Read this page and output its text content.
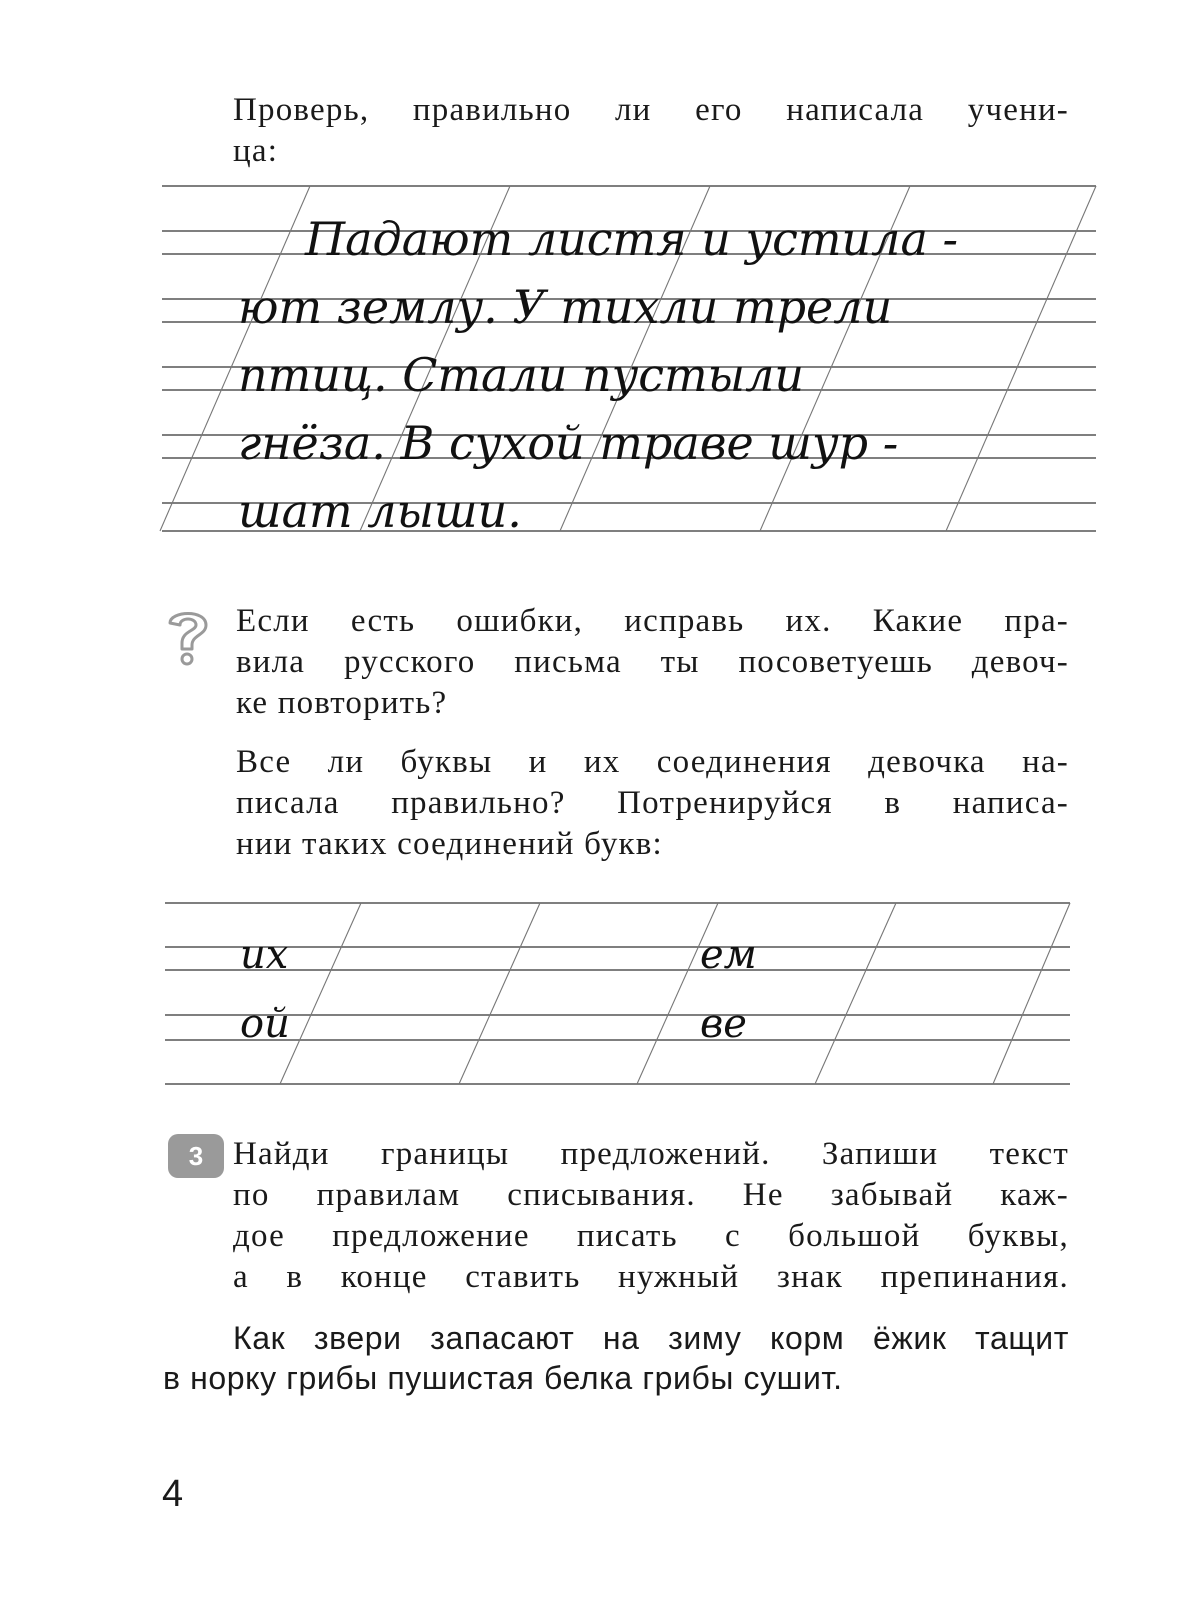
Проверь, правильно ли его написала учени-
ца:
Падают листя и устила -
ют землу. У тихли трели
птиц. Стали пустыли
гнёза. В сухой траве шур -
шат лыши.
их	ем
ой	ве
Если есть ошибки, исправь их. Какие пра-
вила русского письма ты посоветуешь девоч-
ке повторить?
Все ли буквы и их соединения девочка на-
писала правильно? Потренируйся в написа-
нии таких соединений букв:
3 Найди границы предложений. Запиши текст
по правилам списывания. Не забывай каж-
дое предложение писать с большой буквы,
а в конце ставить нужный знак препинания.
Как звери запасают на зиму корм ёжик тащит
в норку грибы пушистая белка грибы сушит.
4
